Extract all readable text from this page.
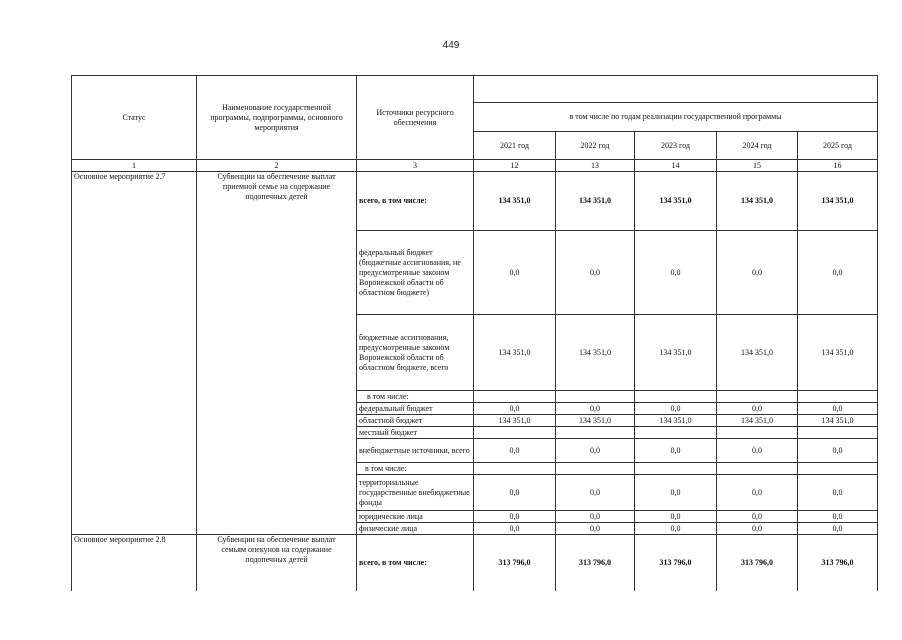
449
Статус	Наименование государственной программы, подпрограммы, основного мероприятия	Источники ресурсного обеспечения					
			в том числе по годам реализации государственной программы				
			2021 год	2022 год	2023 год	2024 год	2025 год
1	2	3	12	13	14	15	16
Основное мероприятие 2.7	Субвенции на обеспечение выплат приемной семье на содержание подопечных детей	всего, в том числе:	134 351,0	134 351,0	134 351,0	134 351,0	134 351,0
		федеральный бюджет (бюджетные ассигнования, не предусмотренные законом Воронежской области об областном бюджете)	0,0	0,0	0,0	0,0	0,0
		бюджетные ассигнования, предусмотренные законом Воронежской области об областном бюджете, всего	134 351,0	134 351,0	134 351,0	134 351,0	134 351,0
		в том числе:					
		федеральный бюджет	0,0	0,0	0,0	0,0	0,0
		областной бюджет	134 351,0	134 351,0	134 351,0	134 351,0	134 351,0
		местный бюджет					
		внебюджетные источники, всего	0,0	0,0	0,0	0,0	0,0
		в том числе:					
		территориальные государственные внебюджетные фонды	0,0	0,0	0,0	0,0	0,0
		юридические лица	0,0	0,0	0,0	0,0	0,0
		физические лица	0,0	0,0	0,0	0,0	0,0
Основное мероприятие 2.8	Субвенции на обеспечение выплат семьям опекунов на содержание подопечных детей	всего, в том числе:	313 796,0	313 796,0	313 796,0	313 796,0	313 796,0
